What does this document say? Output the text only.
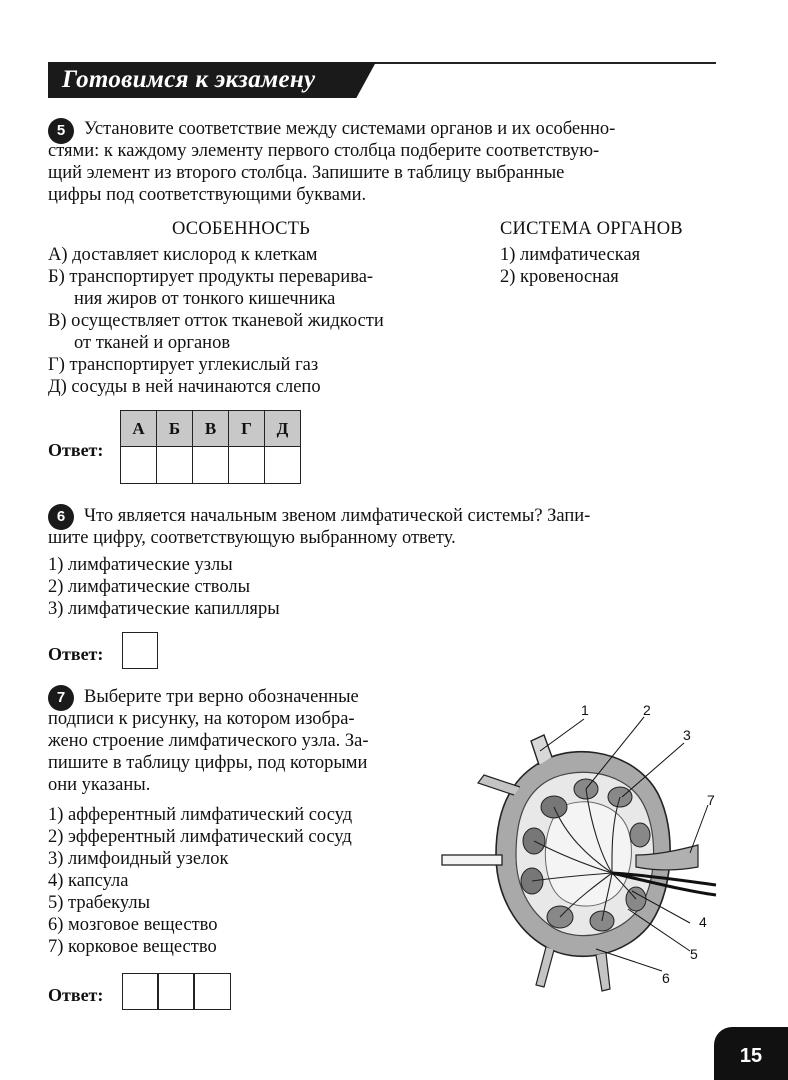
Готовимся к экзамену
5	Установите соответствие между системами органов и их особенно-
стями: к каждому элементу первого столбца подберите соответствую-
щий элемент из второго столбца. Запишите в таблицу выбранные
цифры под соответствующими буквами.
ОСОБЕННОСТЬ	СИСТЕМА ОРГАНОВ
А) доставляет кислород к клеткам
Б) транспортирует продукты переварива-
ния жиров от тонкого кишечника
В) осуществляет отток тканевой жидкости
от тканей и органов
Г) транспортирует углекислый газ
Д) сосуды в ней начинаются слепо
1) лимфатическая
2) кровеносная
Ответ:
А	Б	В	Г	Д

6	Что является начальным звеном лимфатической системы? Запи-
шите цифру, соответствующую выбранному ответу.
1) лимфатические узлы
2) лимфатические стволы
3) лимфатические капилляры
Ответ:
7	Выберите три верно обозначенные
подписи к рисунку, на котором изобра-
жено строение лимфатического узла. За-
пишите в таблицу цифры, под которыми
они указаны.
1) афферентный лимфатический сосуд
2) эфферентный лимфатический сосуд
3) лимфоидный узелок
4) капсула
5) трабекулы
6) мозговое вещество
7) корковое вещество
Ответ:
1	2
3
4
5
6
7
15
